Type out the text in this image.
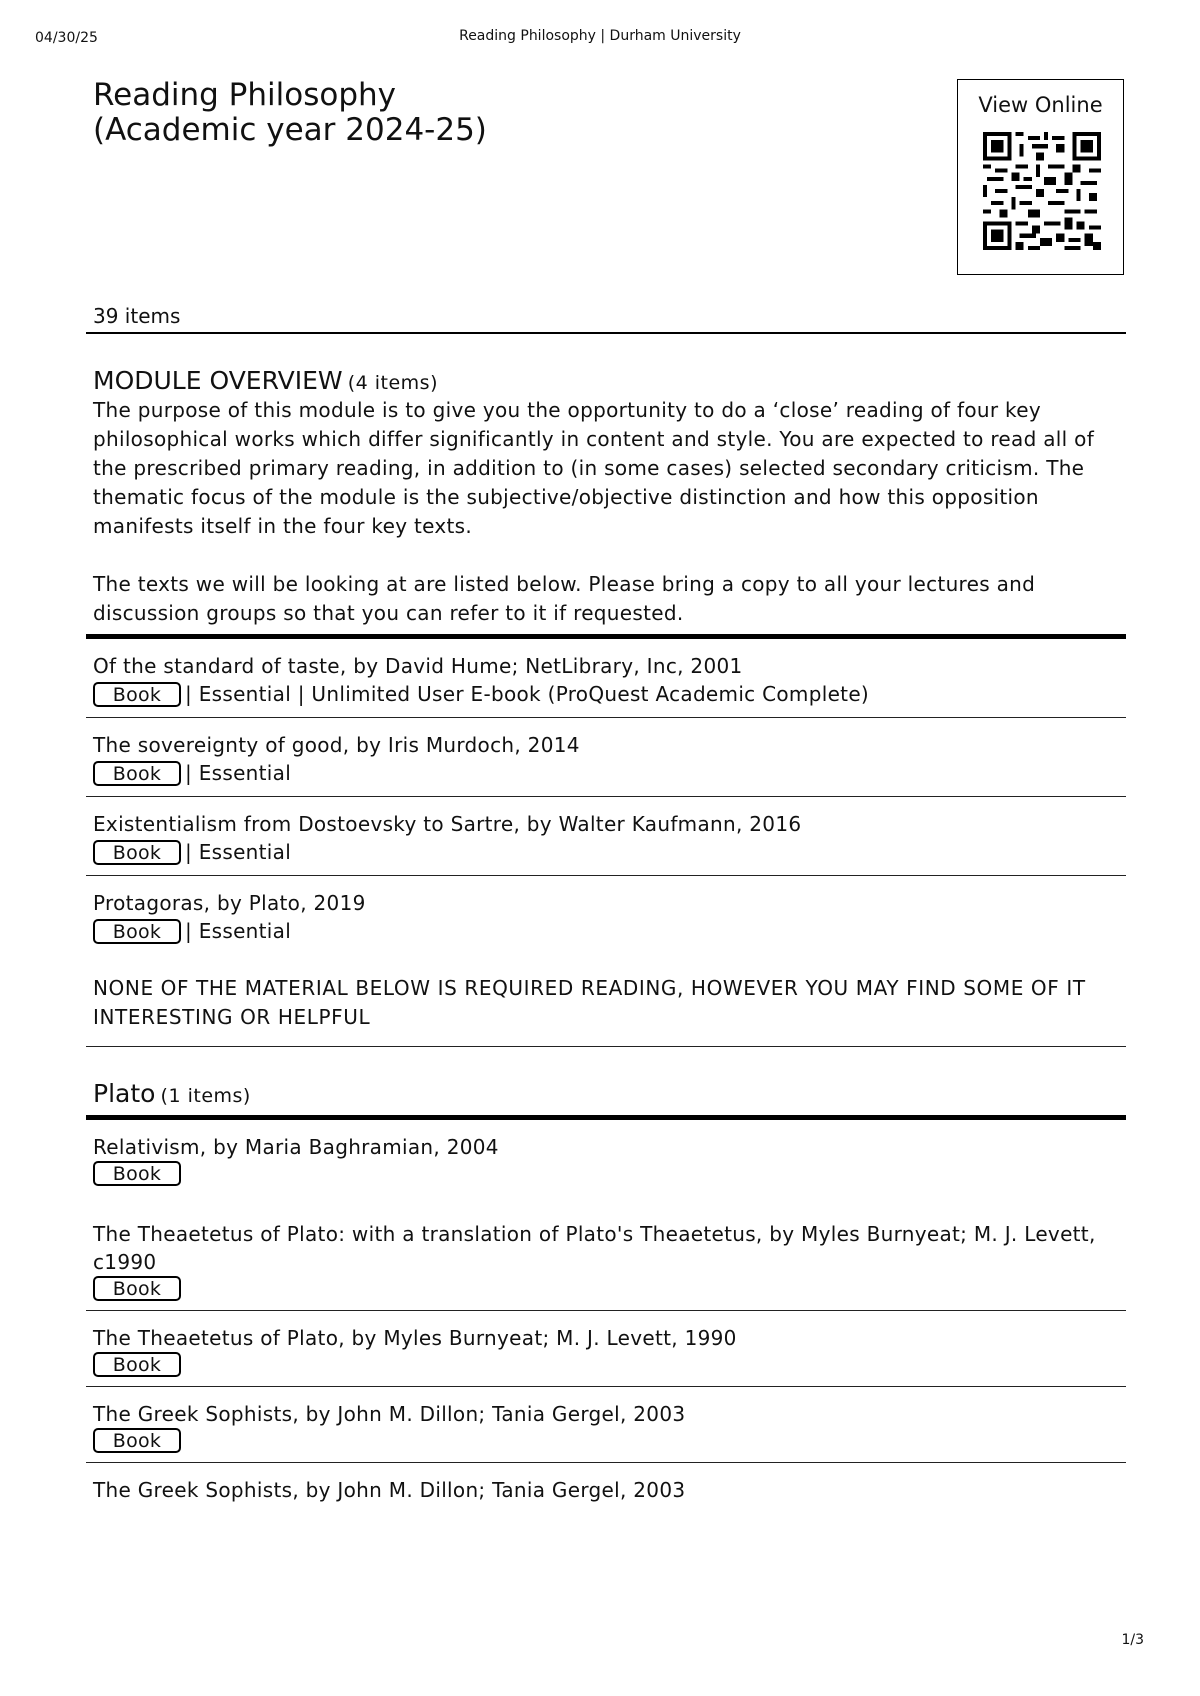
04/30/25	Reading Philosophy | Durham University
Reading Philosophy
(Academic year 2024-25)
View Online
39 items
MODULE OVERVIEW (4 items)

The purpose of this module is to give you the opportunity to do a ‘close’ reading of four key philosophical works which differ significantly in content and style. You are expected to read all of the prescribed primary reading, in addition to (in some cases) selected secondary criticism. The thematic focus of the module is the subjective/objective distinction and how this opposition manifests itself in the four key texts.

The texts we will be looking at are listed below. Please bring a copy to all your lectures and discussion groups so that you can refer to it if requested.

Of the standard of taste, by David Hume; NetLibrary, Inc, 2001
Book	| Essential | Unlimited User E-book (ProQuest Academic Complete)
The sovereignty of good, by Iris Murdoch, 2014
Book	| Essential
Existentialism from Dostoevsky to Sartre, by Walter Kaufmann, 2016
Book	| Essential
Protagoras, by Plato, 2019
Book	| Essential
NONE OF THE MATERIAL BELOW IS REQUIRED READING, HOWEVER YOU MAY FIND SOME OF IT INTERESTING OR HELPFUL
Plato (1 items)
Relativism, by Maria Baghramian, 2004
Book
The Theaetetus of Plato: with a translation of Plato's Theaetetus, by Myles Burnyeat; M. J. Levett, c1990
Book
The Theaetetus of Plato, by Myles Burnyeat; M. J. Levett, 1990
Book
The Greek Sophists, by John M. Dillon; Tania Gergel, 2003
Book
The Greek Sophists, by John M. Dillon; Tania Gergel, 2003
1/3
